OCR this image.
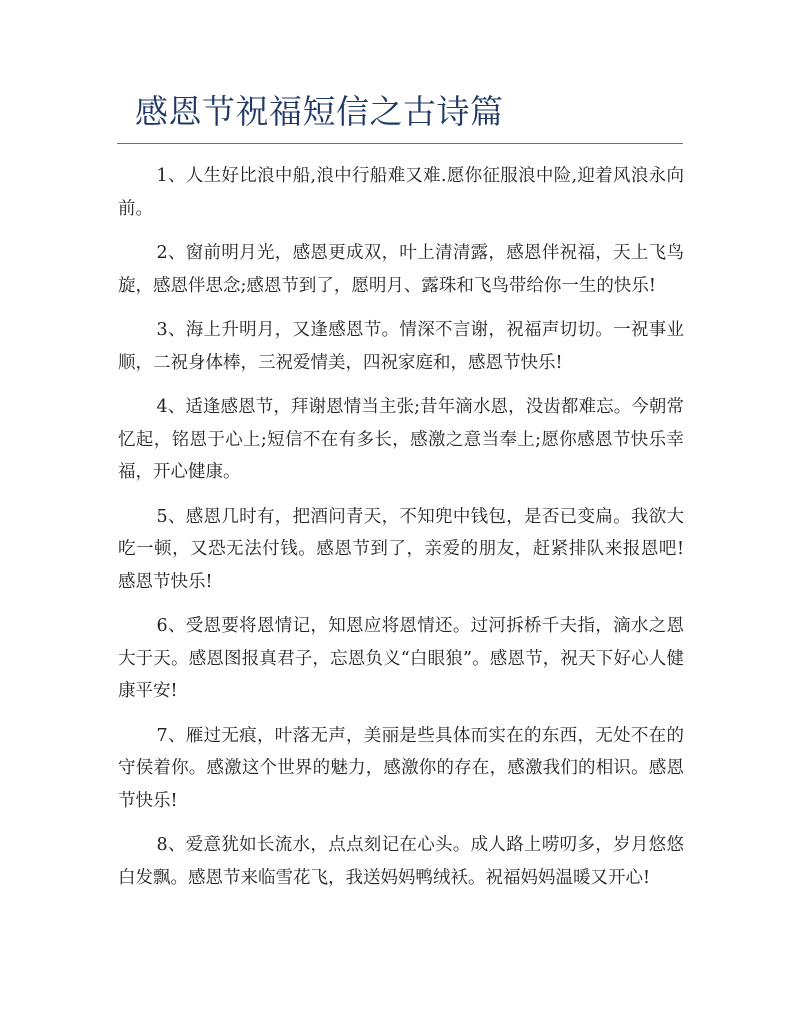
感恩节祝福短信之古诗篇

1、人生好比浪中船,浪中行船难又难.愿你征服浪中险,迎着风浪永向前。

2、窗前明月光，感恩更成双，叶上清清露，感恩伴祝福，天上飞鸟旋，感恩伴思念;感恩节到了，愿明月、露珠和飞鸟带给你一生的快乐!

3、海上升明月，又逢感恩节。情深不言谢，祝福声切切。一祝事业顺，二祝身体棒，三祝爱情美，四祝家庭和，感恩节快乐!

4、适逢感恩节，拜谢恩情当主张;昔年滴水恩，没齿都难忘。今朝常忆起，铭恩于心上;短信不在有多长，感激之意当奉上;愿你感恩节快乐幸福，开心健康。

5、感恩几时有，把酒问青天，不知兜中钱包，是否已变扁。我欲大吃一顿，又恐无法付钱。感恩节到了，亲爱的朋友，赶紧排队来报恩吧!感恩节快乐!

6、受恩要将恩情记，知恩应将恩情还。过河拆桥千夫指，滴水之恩大于天。感恩图报真君子，忘恩负义“白眼狼”。感恩节，祝天下好心人健康平安!

7、雁过无痕，叶落无声，美丽是些具体而实在的东西，无处不在的守侯着你。感激这个世界的魅力，感激你的存在，感激我们的相识。感恩节快乐!

8、爱意犹如长流水，点点刻记在心头。成人路上唠叨多，岁月悠悠白发飘。感恩节来临雪花飞，我送妈妈鸭绒袄。祝福妈妈温暖又开心!
